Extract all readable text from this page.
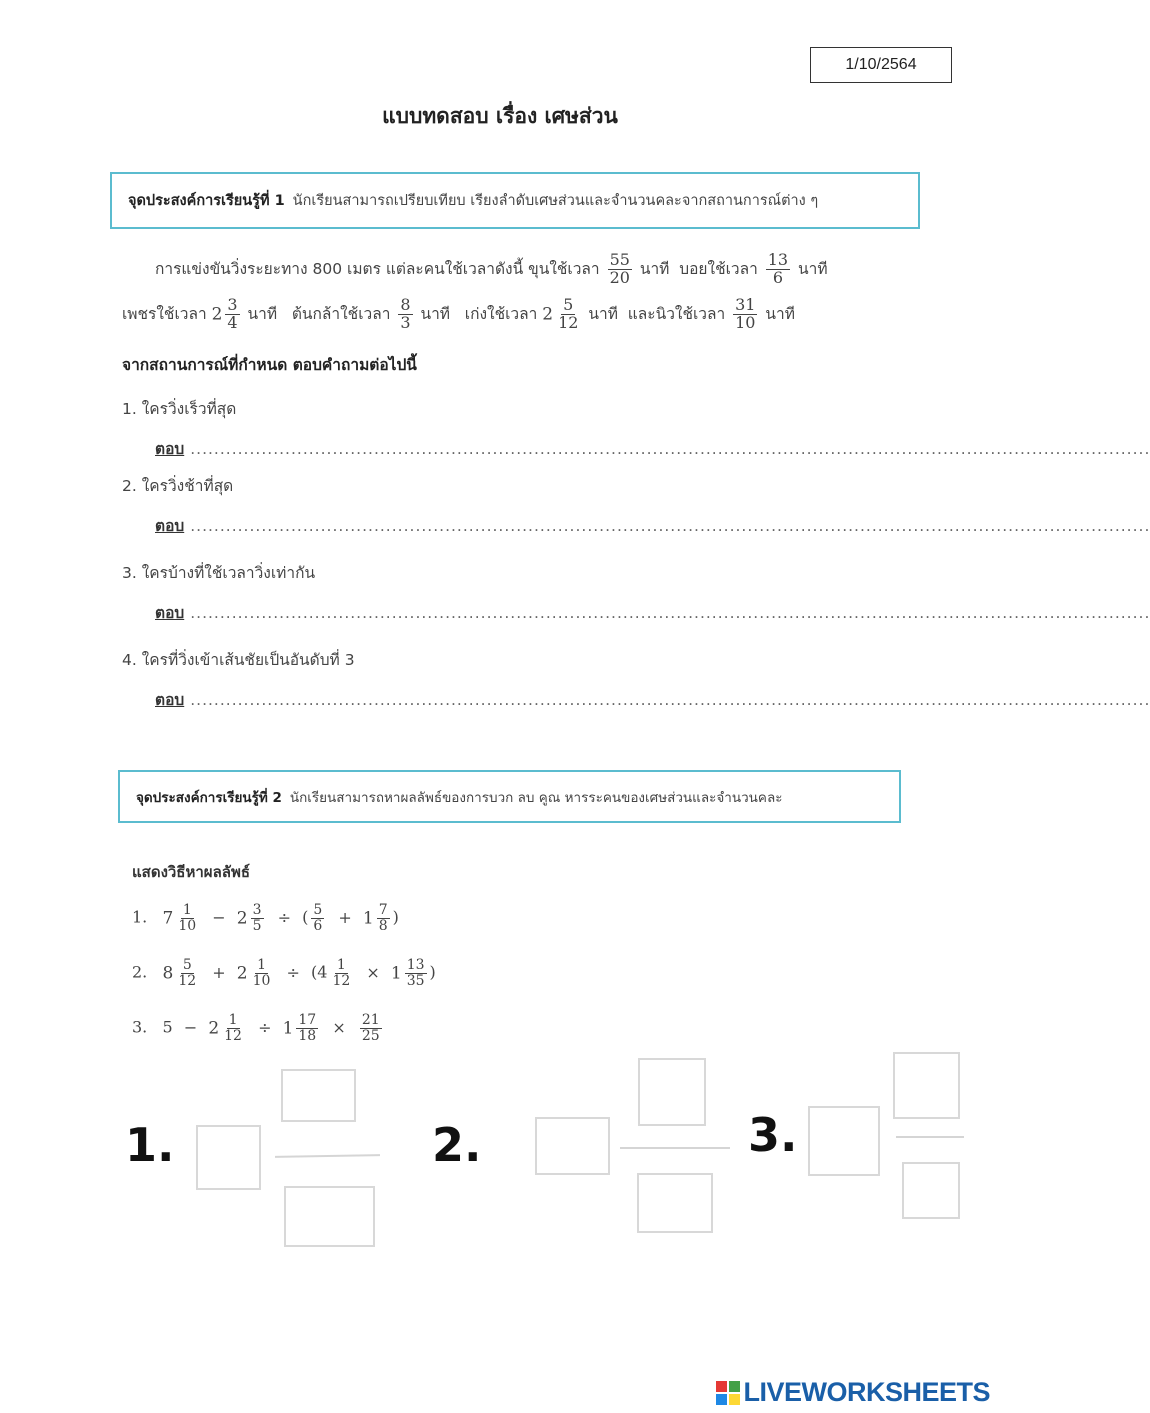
1/10/2564
แบบทดสอบ เรื่อง เศษส่วน
จุดประสงค์การเรียนรู้ที่ 1 นักเรียนสามารถเปรียบเทียบ เรียงลำดับเศษส่วนและจำนวนคละจากสถานการณ์ต่าง ๆ
การแข่งขันวิ่งระยะทาง 800 เมตร แต่ละคนใช้เวลาดังนี้ ขุนใช้เวลา $\frac{55}{20}$ นาที บอยใช้เวลา $\frac{13}{6}$ นาที
เพชรใช้เวลา $2 \frac{3}{4}$ นาที ต้นกล้าใช้เวลา $\frac{8}{3}$ นาที เก่งใช้เวลา $2 \frac{5}{12}$ นาที และนิวใช้เวลา $\frac{31}{10}$ นาที
จากสถานการณ์ที่กำหนด ตอบคำถามต่อไปนี้
1. ใครวิ่งเร็วที่สุด
ตอบ ..................................................................................................................................................................
2. ใครวิ่งช้าที่สุด
ตอบ ..................................................................................................................................................................
3. ใครบ้างที่ใช้เวลาวิ่งเท่ากัน
ตอบ ..................................................................................................................................................................
4. ใครที่วิ่งเข้าเส้นชัยเป็นอันดับที่ 3
ตอบ ..................................................................................................................................................................
จุดประสงค์การเรียนรู้ที่ 2 นักเรียนสามารถหาผลลัพธ์ของการบวก ลบ คูณ หารระคนของเศษส่วนและจำนวนคละ
แสดงวิธีหาผลลัพธ์
1. $7 \frac{1}{10} - 2 \frac{3}{5}$ ÷ ( $\frac{5}{6} + 1 \frac{7}{8}$ )
2. $8 \frac{5}{12} + 2 \frac{1}{10} \div (4 \frac{1}{12} \times 1 \frac{13}{35}$ )
3. $5 - 2 \frac{1}{12} \div 1 \frac{17}{18} \times \frac{21}{25}$
1.	2.	3.
LIVEWORKSHEETS
